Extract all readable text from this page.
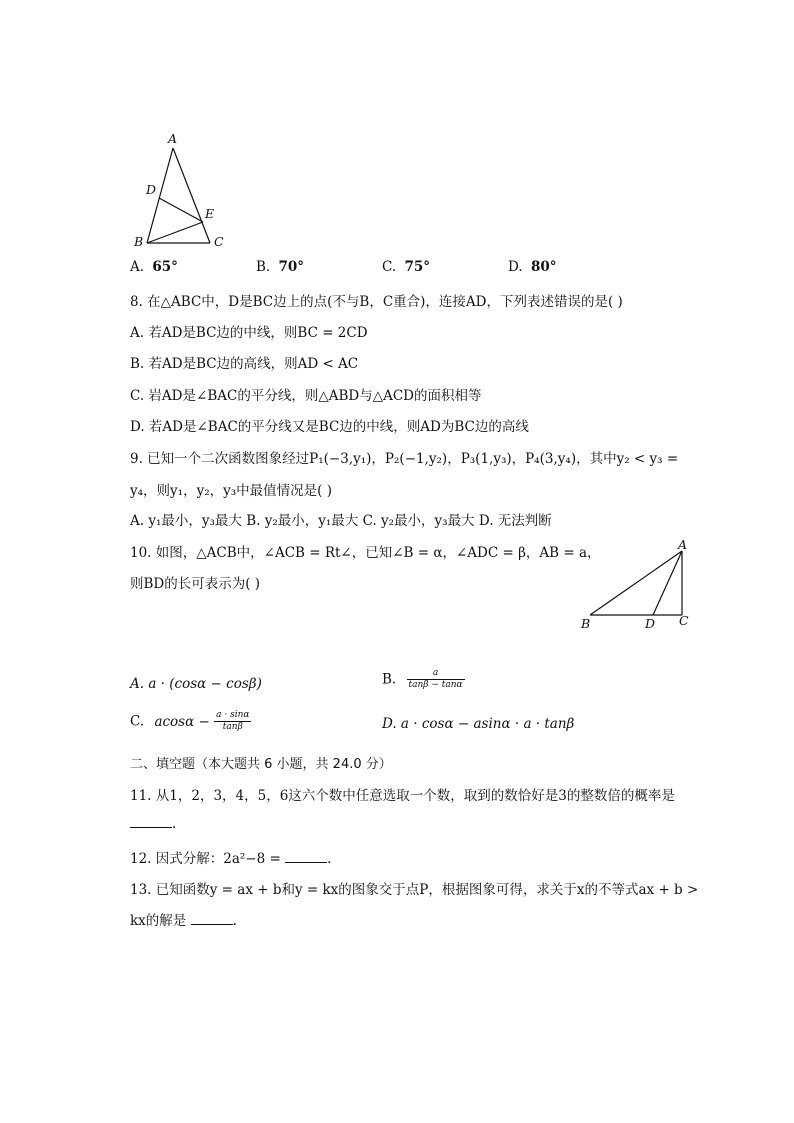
A
D
E
B	C
A. 65°	B. 70°	C. 75°	D. 80°
8. 在△ABC中，D是BC边上的点(不与B，C重合)，连接AD，下列表述错误的是( )
A. 若AD是BC边的中线，则BC = 2CD
B. 若AD是BC边的高线，则AD < AC
C. 岩AD是∠BAC的平分线，则△ABD与△ACD的面积相等
D. 若AD是∠BAC的平分线又是BC边的中线，则AD为BC边的高线
9. 已知一个二次函数图象经过P₁(−3,y₁)，P₂(−1,y₂)，P₃(1,y₃)，P₄(3,y₄)，其中y₂ < y₃ =
y₄，则y₁，y₂，y₃中最值情况是( )
A. y₁最小，y₃最大 B. y₂最小，y₁最大 C. y₂最小，y₃最大 D. 无法判断
10. 如图，△ACB中，∠ACB = Rt∠，已知∠B = α，∠ADC = β，AB = a，
则BD的长可表示为( )
A
B	D C
A. a · (cosα − cosβ)	B. $\frac{a}{\tan\beta - \tan\alpha}$
C. $acos\alpha - \frac{a \cdot \sin\alpha}{\tan\beta}$	D. a · cosα − asinα · a · tanβ
二、填空题（本大题共 6 小题，共 24.0 分）
11. 从1，2，3，4，5，6这六个数中任意选取一个数，取到的数恰好是3的整数倍的概率是
.
12. 因式分解：2a²−8 =	.
13. 已知函数y = ax + b和y = kx的图象交于点P，根据图象可得，求关于x的不等式ax + b >
kx的解是	.
